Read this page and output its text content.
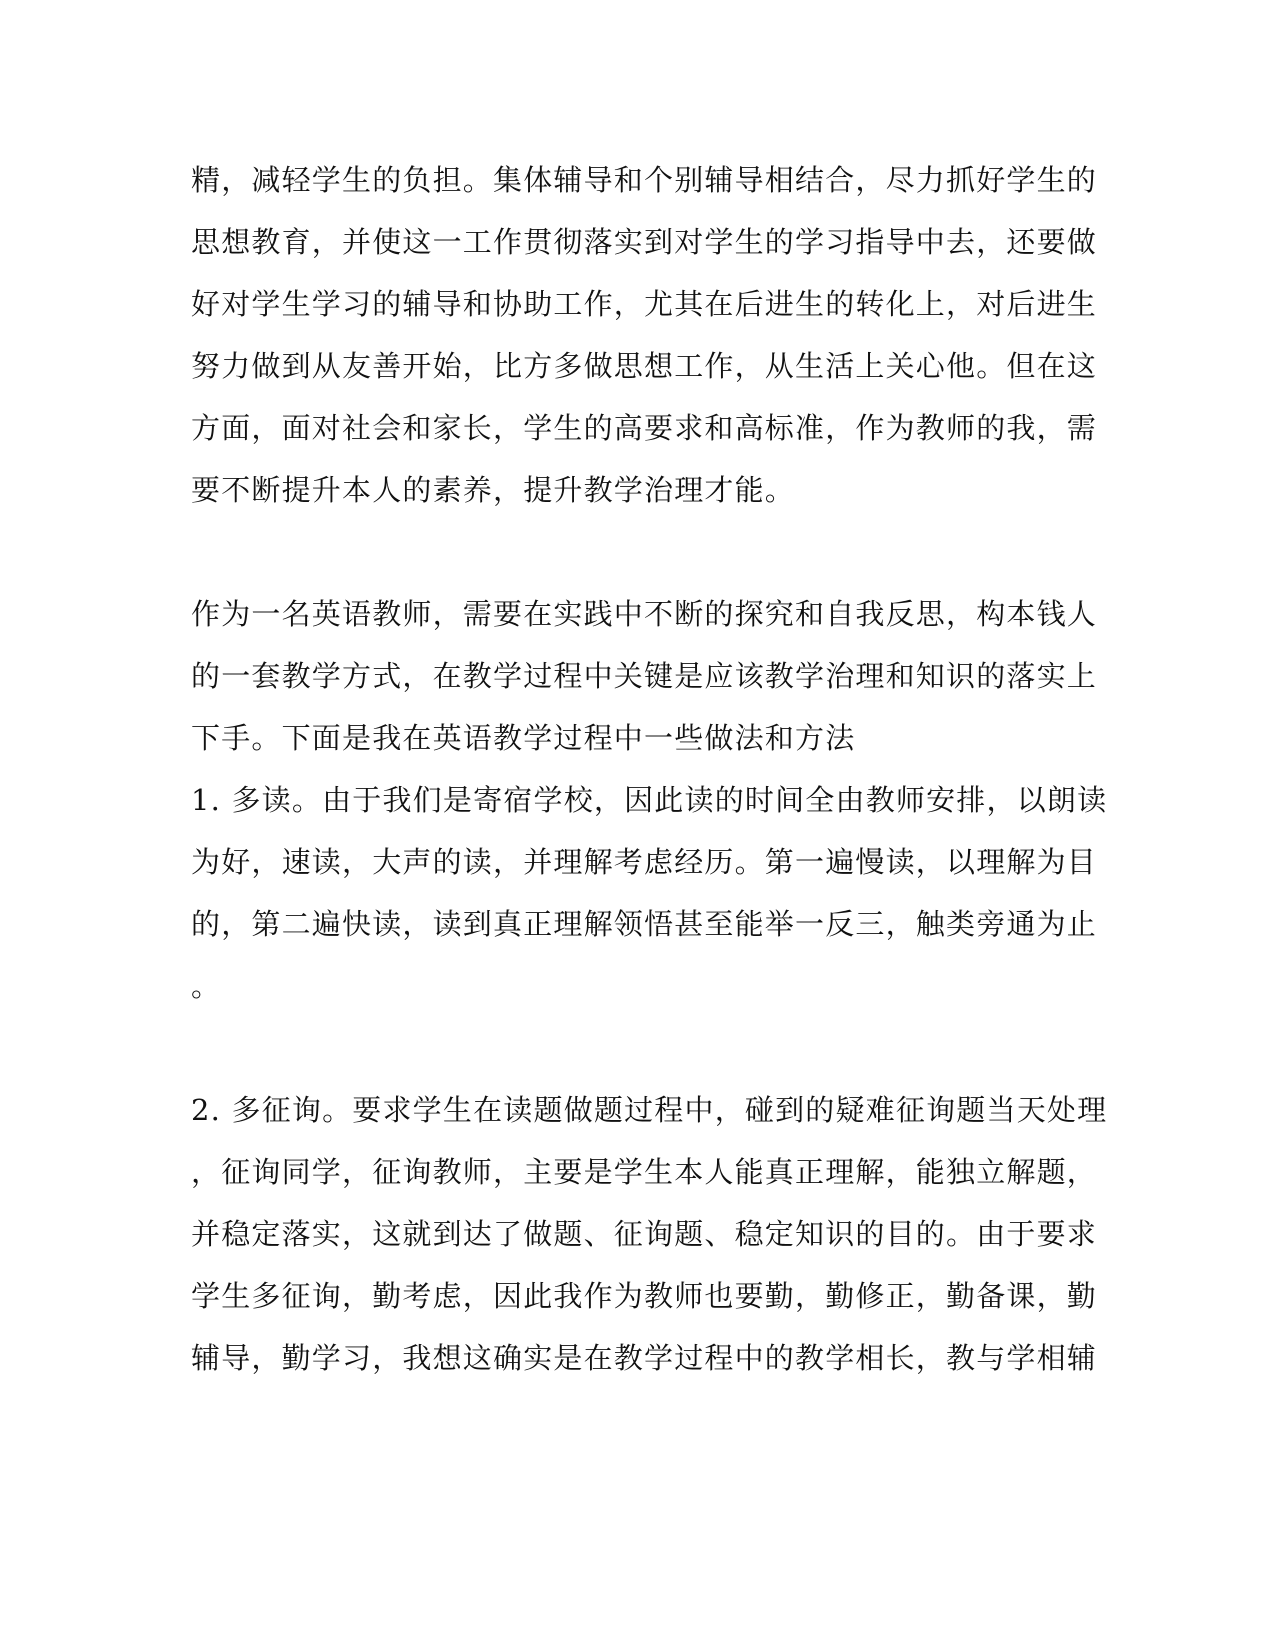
精，减轻学生的负担。集体辅导和个别辅导相结合，尽力抓好学生的
思想教育，并使这一工作贯彻落实到对学生的学习指导中去，还要做
好对学生学习的辅导和协助工作，尤其在后进生的转化上，对后进生
努力做到从友善开始，比方多做思想工作，从生活上关心他。但在这
方面，面对社会和家长，学生的高要求和高标准，作为教师的我，需
要不断提升本人的素养，提升教学治理才能。
作为一名英语教师，需要在实践中不断的探究和自我反思，构本钱人
的一套教学方式，在教学过程中关键是应该教学治理和知识的落实上
下手。下面是我在英语教学过程中一些做法和方法
1. 多读。由于我们是寄宿学校，因此读的时间全由教师安排，以朗读
为好，速读，大声的读，并理解考虑经历。第一遍慢读，以理解为目
的，第二遍快读，读到真正理解领悟甚至能举一反三，触类旁通为止
。
2. 多征询。要求学生在读题做题过程中，碰到的疑难征询题当天处理
，征询同学，征询教师，主要是学生本人能真正理解，能独立解题，
并稳定落实，这就到达了做题、征询题、稳定知识的目的。由于要求
学生多征询，勤考虑，因此我作为教师也要勤，勤修正，勤备课，勤
辅导，勤学习，我想这确实是在教学过程中的教学相长，教与学相辅
